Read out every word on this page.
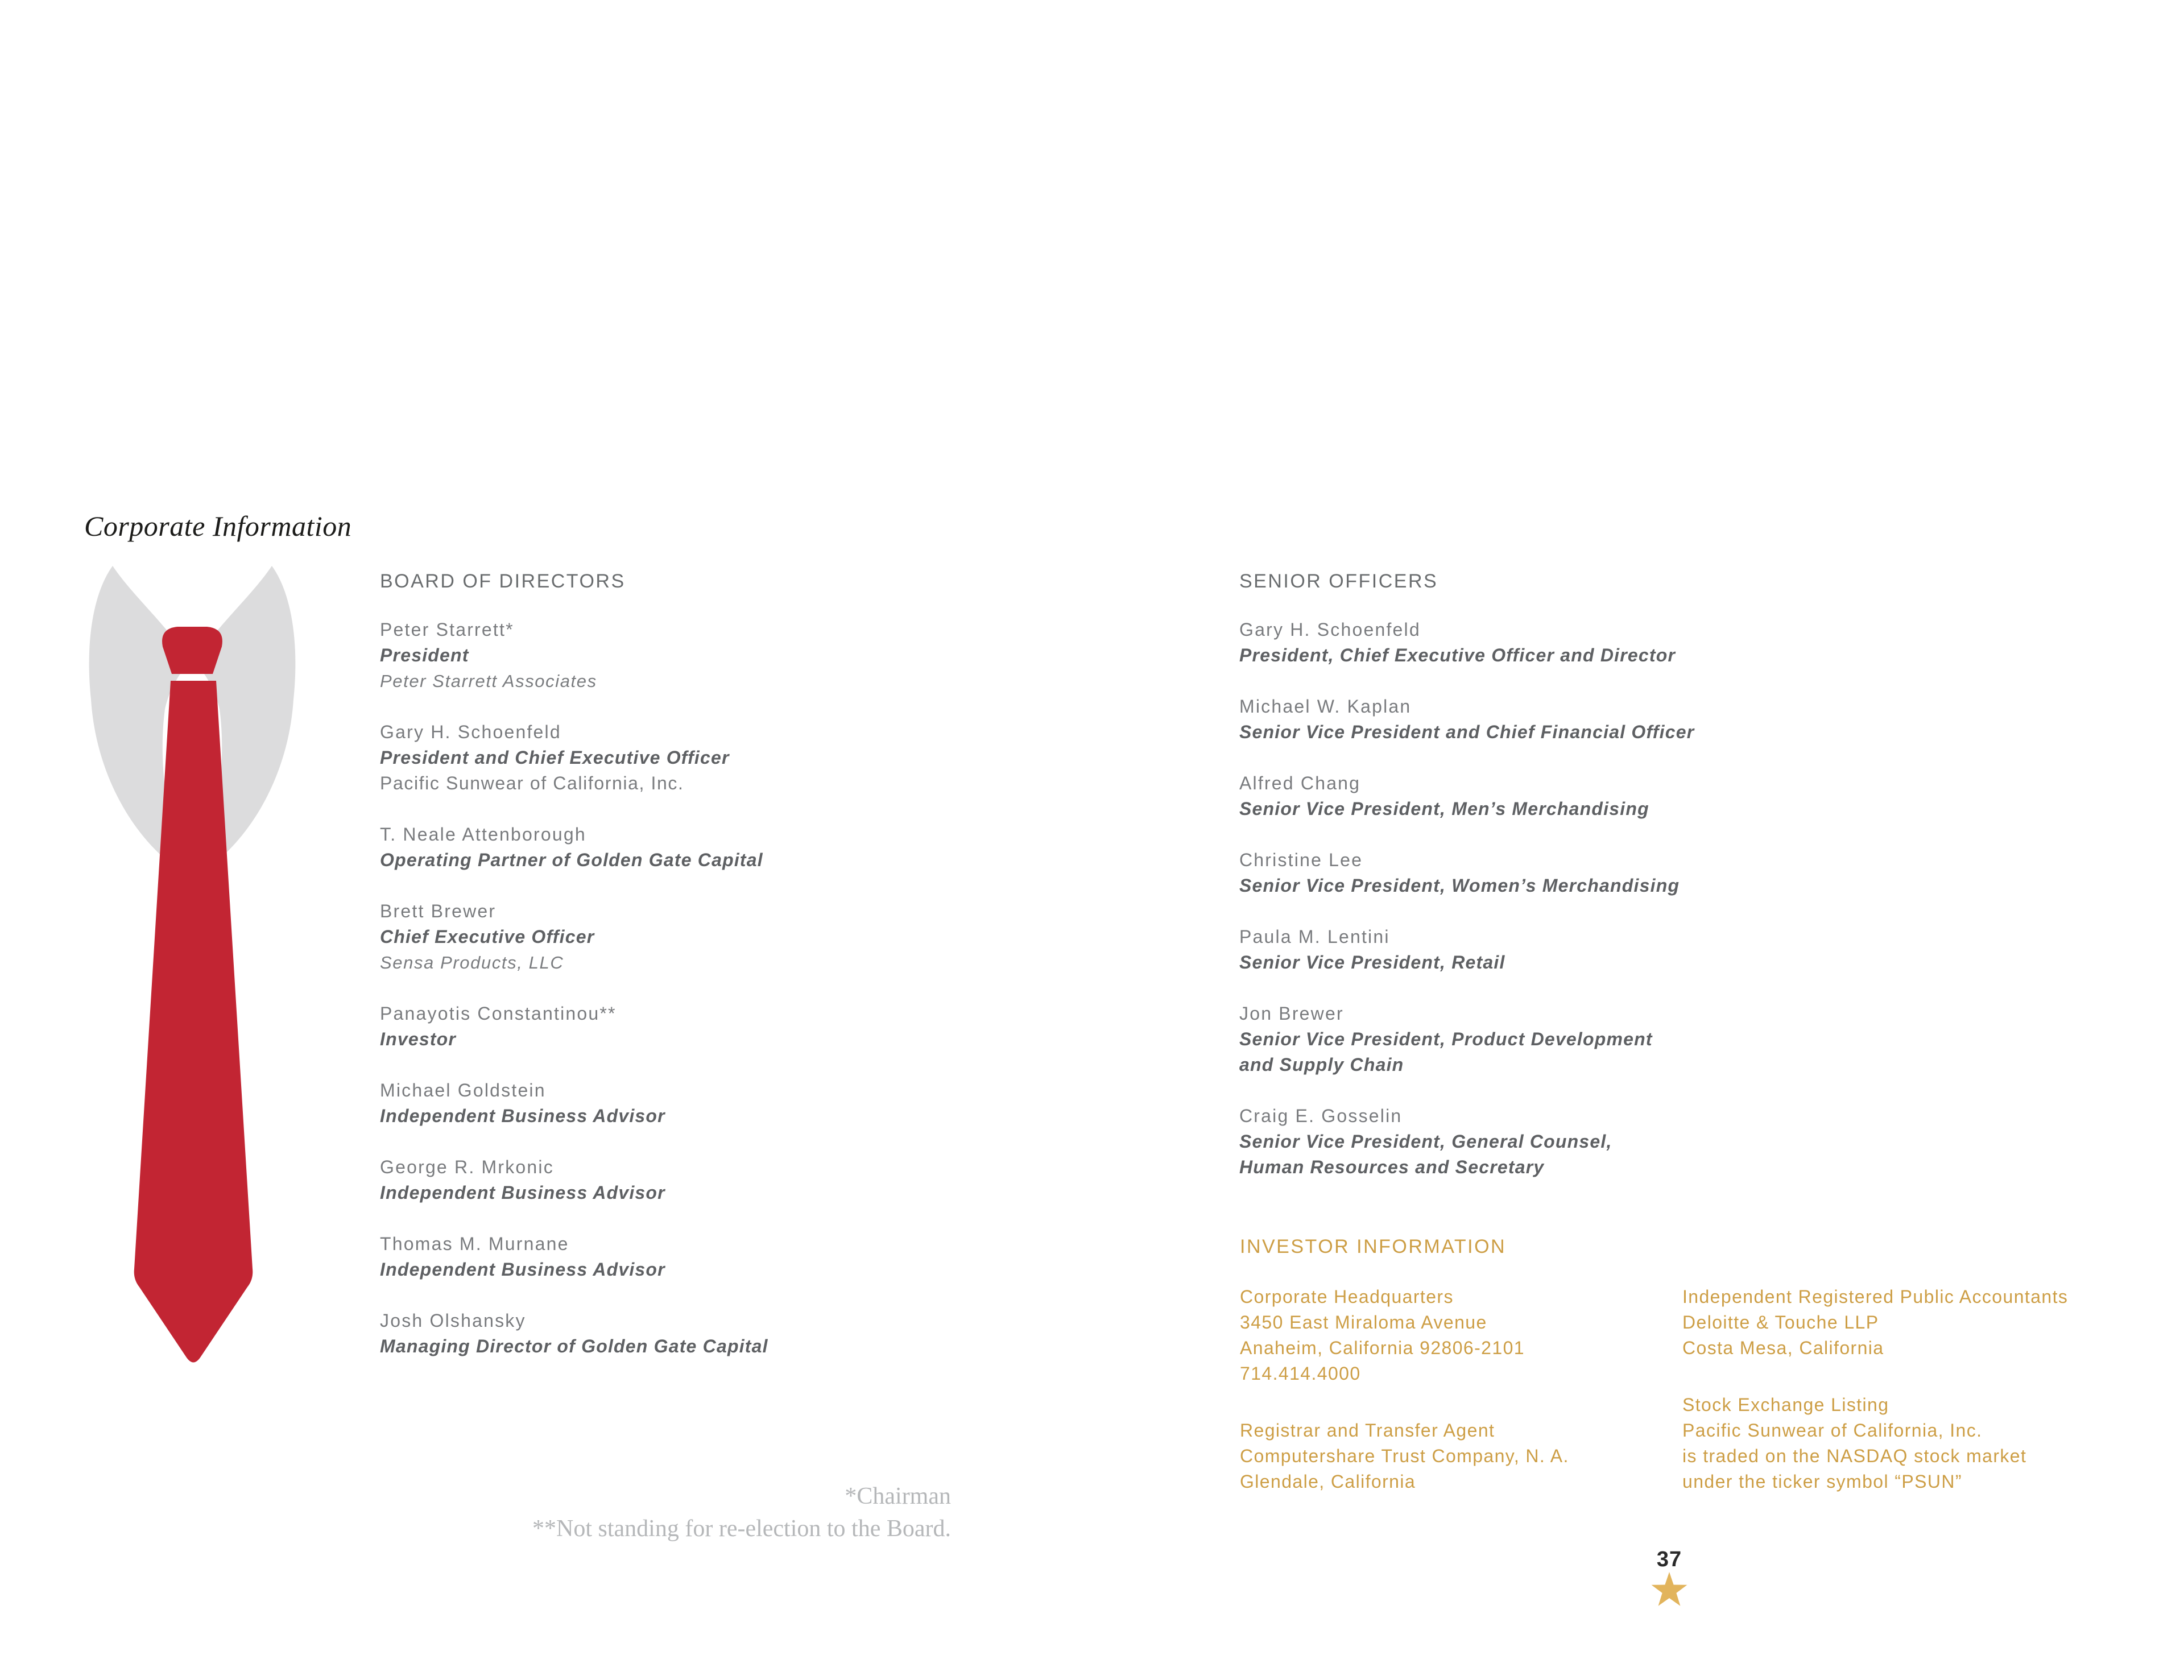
Corporate Information
BOARD OF DIRECTORS
Peter Starrett*
President
Peter Starrett Associates
Gary H. Schoenfeld
President and Chief Executive Officer
Pacific Sunwear of California, Inc.
T. Neale Attenborough
Operating Partner of Golden Gate Capital
Brett Brewer
Chief Executive Officer
Sensa Products, LLC
Panayotis Constantinou**
Investor
Michael Goldstein
Independent Business Advisor
George R. Mrkonic
Independent Business Advisor
Thomas M. Murnane
Independent Business Advisor
Josh Olshansky
Managing Director of Golden Gate Capital
SENIOR OFFICERS
Gary H. Schoenfeld
President, Chief Executive Officer and Director
Michael W. Kaplan
Senior Vice President and Chief Financial Officer
Alfred Chang
Senior Vice President, Men’s Merchandising
Christine Lee
Senior Vice President, Women’s Merchandising
Paula M. Lentini
Senior Vice President, Retail
Jon Brewer
Senior Vice President, Product Development
and Supply Chain
Craig E. Gosselin
Senior Vice President, General Counsel,
Human Resources and Secretary
INVESTOR INFORMATION
Corporate Headquarters
3450 East Miraloma Avenue
Anaheim, California 92806-2101
714.414.4000
Registrar and Transfer Agent
Computershare Trust Company, N. A.
Glendale, California
Independent Registered Public Accountants
Deloitte & Touche LLP
Costa Mesa, California
Stock Exchange Listing
Pacific Sunwear of California, Inc.
is traded on the NASDAQ stock market
under the ticker symbol “PSUN”
*Chairman
**Not standing for re-election to the Board.
37
